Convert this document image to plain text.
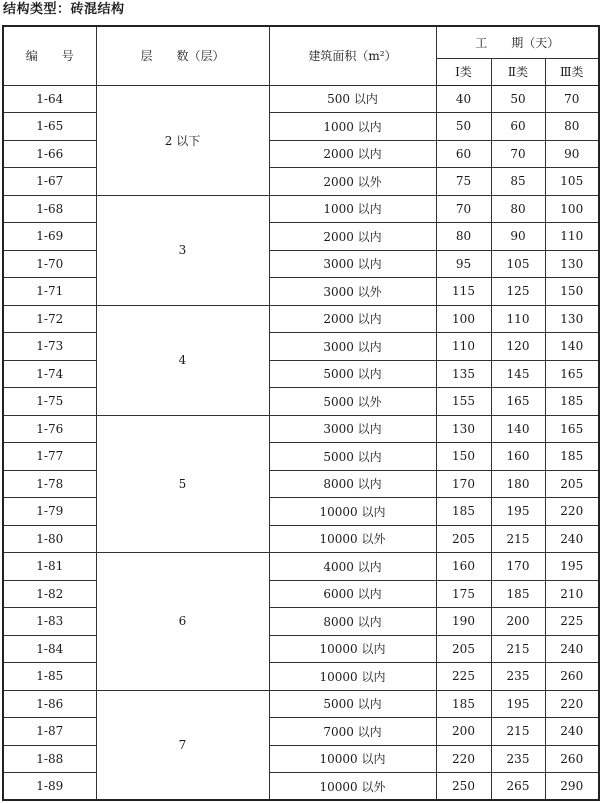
结构类型：砖混结构
编　　号	层　　数（层）	建筑面积（m²）	工　　期（天）		
			Ⅰ类	Ⅱ类	Ⅲ类
1-64	2 以下	500 以内	40	50	70
1-65		1000 以内	50	60	80
1-66		2000 以内	60	70	90
1-67		2000 以外	75	85	105
1-68	3	1000 以内	70	80	100
1-69		2000 以内	80	90	110
1-70		3000 以内	95	105	130
1-71		3000 以外	115	125	150
1-72	4	2000 以内	100	110	130
1-73		3000 以内	110	120	140
1-74		5000 以内	135	145	165
1-75		5000 以外	155	165	185
1-76	5	3000 以内	130	140	165
1-77		5000 以内	150	160	185
1-78		8000 以内	170	180	205
1-79		10000 以内	185	195	220
1-80		10000 以外	205	215	240
1-81	6	4000 以内	160	170	195
1-82		6000 以内	175	185	210
1-83		8000 以内	190	200	225
1-84		10000 以内	205	215	240
1-85		10000 以内	225	235	260
1-86	7	5000 以内	185	195	220
1-87		7000 以内	200	215	240
1-88		10000 以内	220	235	260
1-89		10000 以外	250	265	290
